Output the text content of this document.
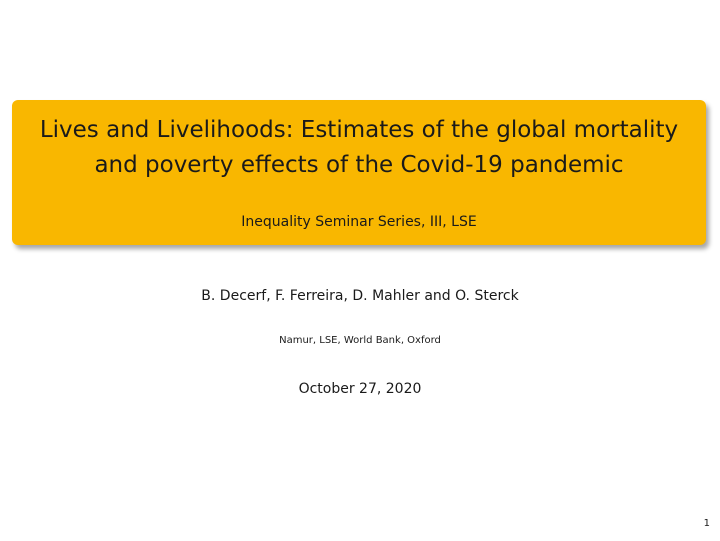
Lives and Livelihoods: Estimates of the global mortality
and poverty effects of the Covid-19 pandemic
Inequality Seminar Series, III, LSE
B. Decerf, F. Ferreira, D. Mahler and O. Sterck
Namur, LSE, World Bank, Oxford
October 27, 2020
1
